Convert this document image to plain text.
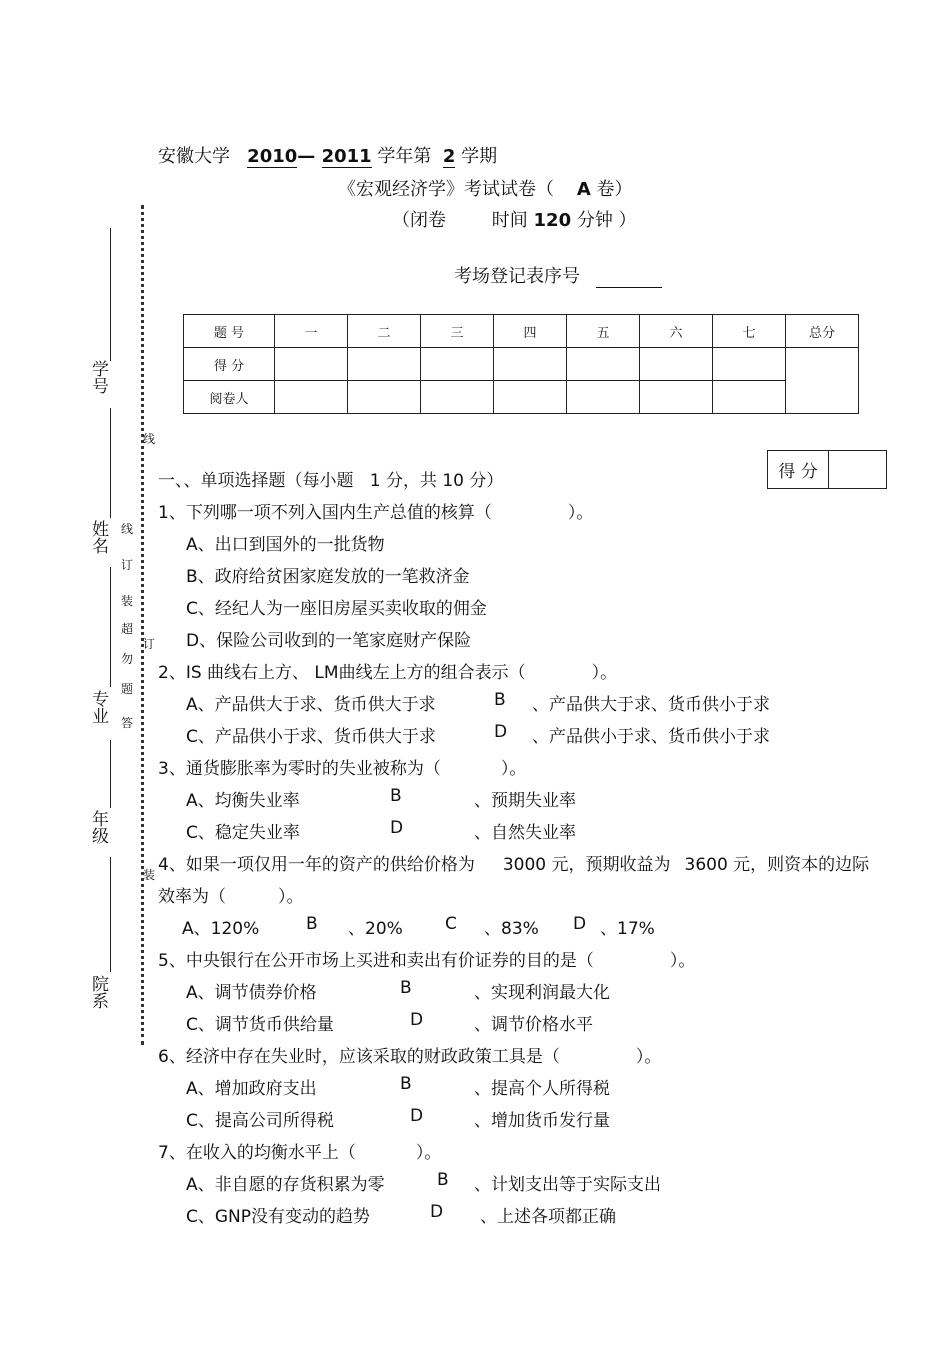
安徽大学 2010— 2011 学年第 2 学期
《宏观经济学》考试试卷（ A 卷）
（闭卷	时间 120 分钟 ）
考场登记表序号
学号
姓名
专业
年级
院系
线
订
装
线
订
装
超
勿
题
答
题 号	一	二	三	四	五	六	七	总分
得 分								
阅卷人								
一、、单项选择题（每小题 1 分，共 10 分）	得 分	
1、下列哪一项不列入国内生产总值的核算（	）。
A、出口到国外的一批货物
B、政府给贫困家庭发放的一笔救济金
C、经纪人为一座旧房屋买卖收取的佣金
D、保险公司收到的一笔家庭财产保险
2、IS 曲线右上方、 LM曲线左上方的组合表示（	）。
A、产品供大于求、货币供大于求	B 、产品供大于求、货币供小于求
C、产品供小于求、货币供大于求	D 、产品供小于求、货币供小于求
3、通货膨胀率为零时的失业被称为（	）。
A、均衡失业率	B	、预期失业率
C、稳定失业率	D	、自然失业率
4、如果一项仅用一年的资产的供给价格为 3000 元，预期收益为 3600 元，则资本的边际
效率为（	）。
A、120%	B 、20% C 、83% D 、17%
5、中央银行在公开市场上买进和卖出有价证券的目的是（	）。
A、调节债券价格	B	、实现利润最大化
C、调节货币供给量	D	、调节价格水平
6、经济中存在失业时，应该采取的财政政策工具是（	）。
A、增加政府支出	B	、提高个人所得税
C、提高公司所得税	D	、增加货币发行量
7、在收入的均衡水平上（	）。
A、非自愿的存货积累为零	B 、计划支出等于实际支出
C、GNP没有变动的趋势	D 、上述各项都正确
